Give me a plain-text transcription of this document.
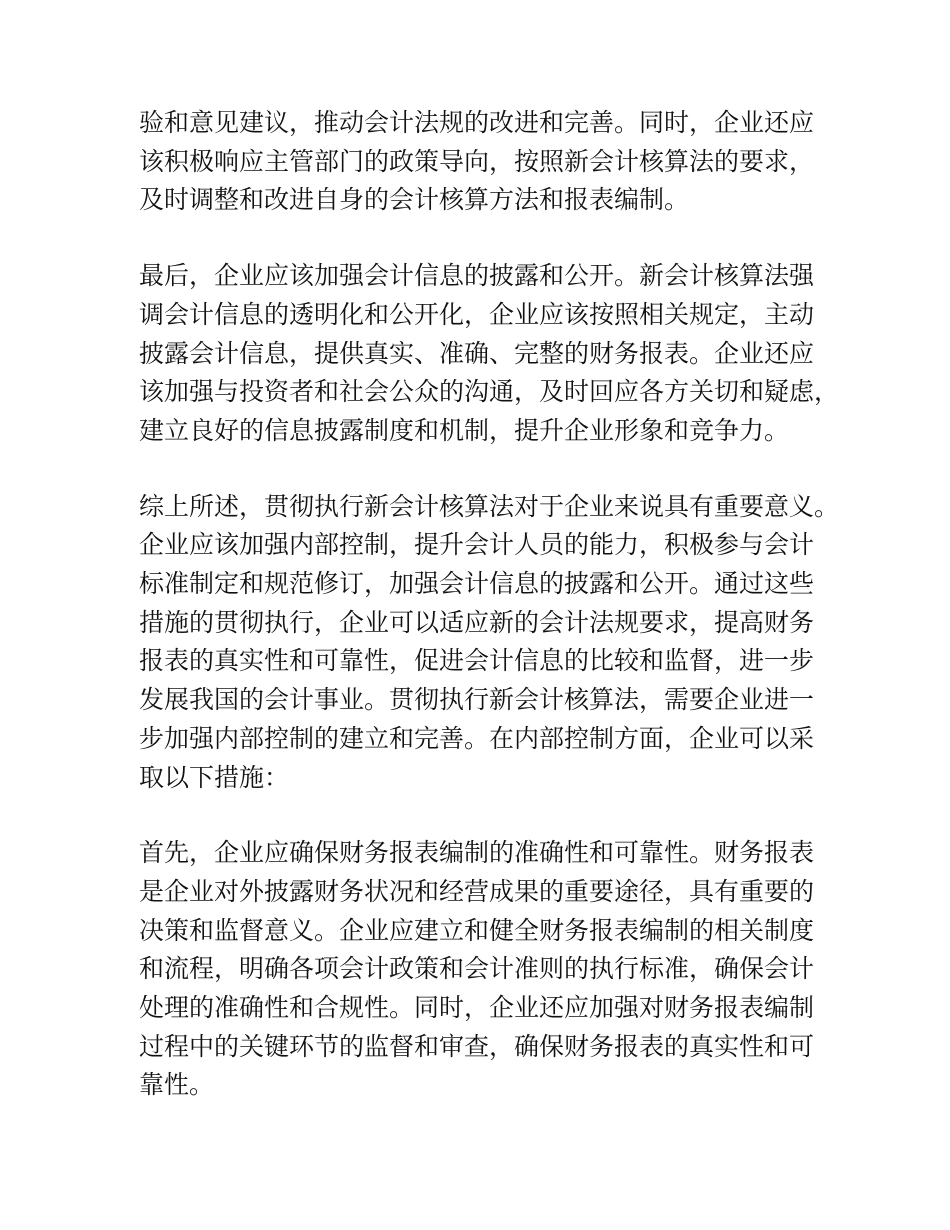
验和意见建议，推动会计法规的改进和完善。同时，企业还应
该积极响应主管部门的政策导向，按照新会计核算法的要求，
及时调整和改进自身的会计核算方法和报表编制。
最后，企业应该加强会计信息的披露和公开。新会计核算法强
调会计信息的透明化和公开化，企业应该按照相关规定，主动
披露会计信息，提供真实、准确、完整的财务报表。企业还应
该加强与投资者和社会公众的沟通，及时回应各方关切和疑虑，
建立良好的信息披露制度和机制，提升企业形象和竞争力。
综上所述，贯彻执行新会计核算法对于企业来说具有重要意义。
企业应该加强内部控制，提升会计人员的能力，积极参与会计
标准制定和规范修订，加强会计信息的披露和公开。通过这些
措施的贯彻执行，企业可以适应新的会计法规要求，提高财务
报表的真实性和可靠性，促进会计信息的比较和监督，进一步
发展我国的会计事业。贯彻执行新会计核算法，需要企业进一
步加强内部控制的建立和完善。在内部控制方面，企业可以采
取以下措施：
首先，企业应确保财务报表编制的准确性和可靠性。财务报表
是企业对外披露财务状况和经营成果的重要途径，具有重要的
决策和监督意义。企业应建立和健全财务报表编制的相关制度
和流程，明确各项会计政策和会计准则的执行标准，确保会计
处理的准确性和合规性。同时，企业还应加强对财务报表编制
过程中的关键环节的监督和审查，确保财务报表的真实性和可
靠性。
